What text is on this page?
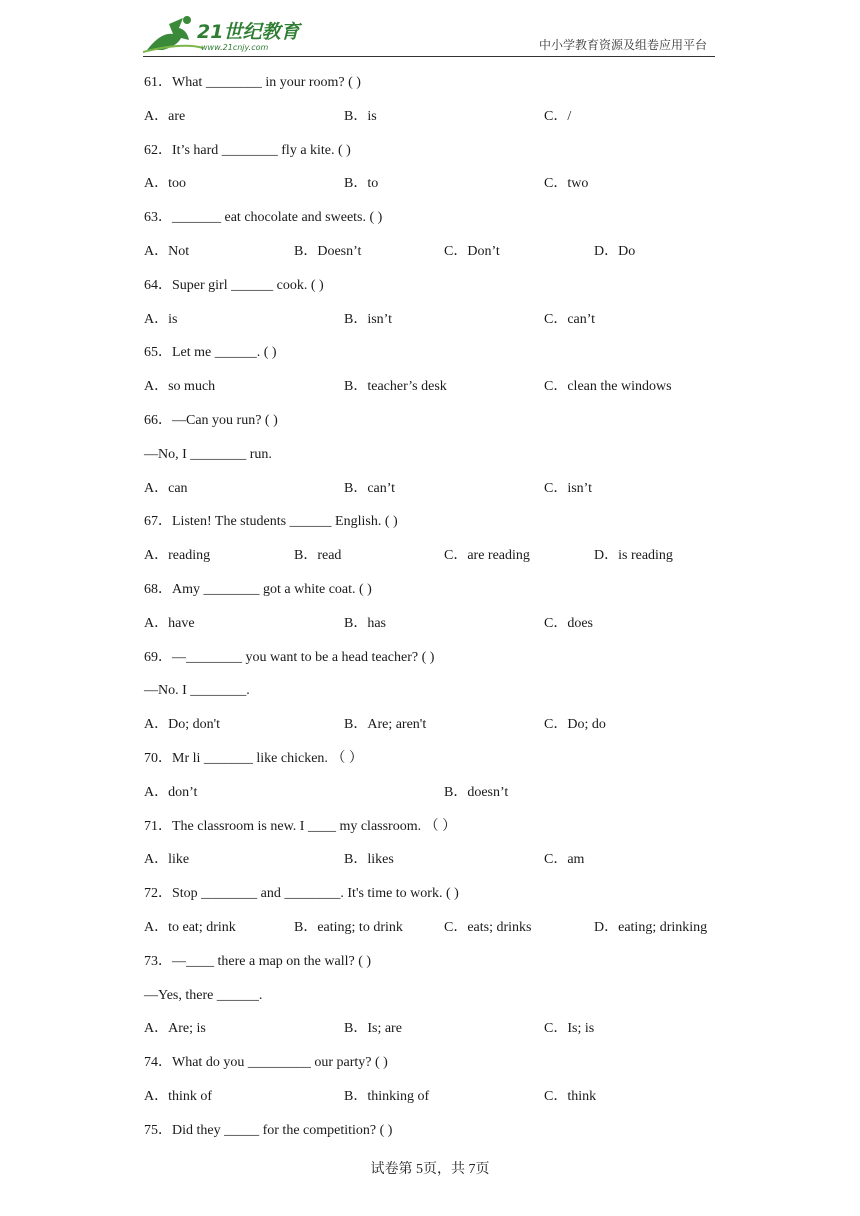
21世纪教育
www.21cnjy.com	中小学教育资源及组卷应用平台
61．What ________ in your room? ( )
A．are	B．is	C．/
62．It’s hard ________ fly a kite. ( )
A．too	B．to	C．two
63．_______ eat chocolate and sweets. ( )
A．Not	B．Doesn’t	C．Don’t	D．Do
64．Super girl ______ cook. ( )
A．is	B．isn’t	C．can’t
65．Let me ______. ( )
A．so much	B．teacher’s desk	C．clean the windows
66．—Can you run? ( )
—No, I ________ run.
A．can	B．can’t	C．isn’t
67．Listen! The students ______ English. ( )
A．reading	B．read	C．are reading	D．is reading
68．Amy ________ got a white coat. ( )
A．have	B．has	C．does
69．—________ you want to be a head teacher? ( )
—No. I ________.
A．Do; don't	B．Are; aren't	C．Do; do
70．Mr li _______ like chicken. （ ）
A．don’t	B．doesn’t
71．The classroom is new. I ____ my classroom. （ ）
A．like	B．likes	C．am
72．Stop ________ and ________. It's time to work. ( )
A．to eat; drink	B．eating; to drink	C．eats; drinks	D．eating; drinking
73．—____ there a map on the wall? ( )
—Yes, there ______.
A．Are; is	B．Is; are	C．Is; is
74．What do you _________ our party? ( )
A．think of	B．thinking of	C．think
75．Did they _____ for the competition? ( )
试卷第 5页，共 7页
